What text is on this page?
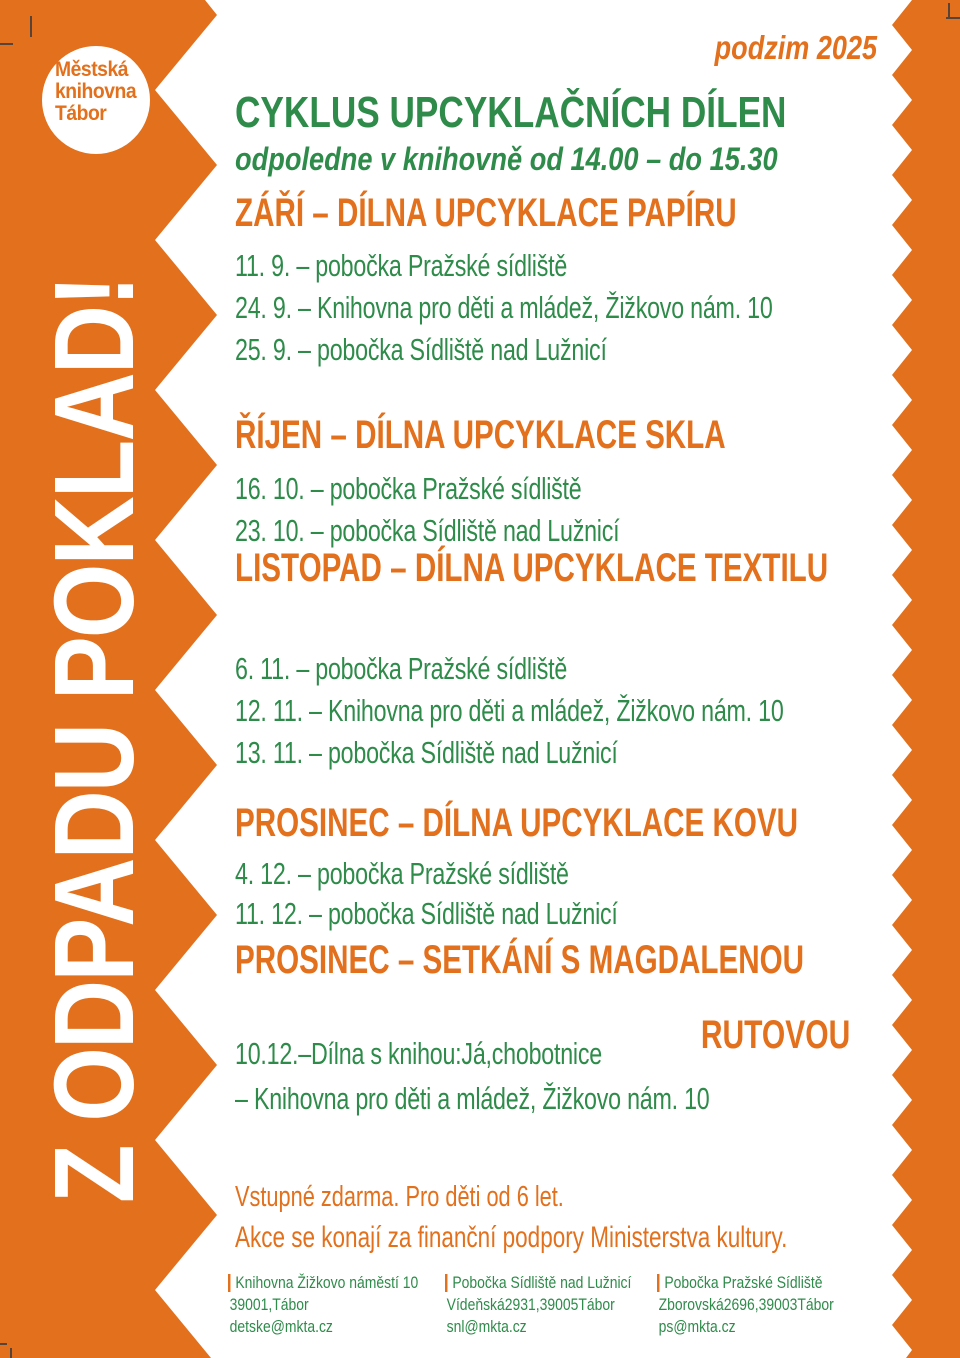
Městská
knihovna
Tábor
Z ODPADU POKLAD!
podzim 2025
CYKLUS UPCYKLAČNÍCH DÍLEN
odpoledne v knihovně od 14.00 – do 15.30
ZÁŘÍ – DÍLNA UPCYKLACE PAPÍRU
11. 9. – pobočka Pražské sídliště
24. 9. – Knihovna pro děti a mládež, Žižkovo nám. 10
25. 9. – pobočka Sídliště nad Lužnicí
ŘÍJEN – DÍLNA UPCYKLACE SKLA
16. 10. – pobočka Pražské sídliště
23. 10. – pobočka Sídliště nad Lužnicí
LISTOPAD – DÍLNA UPCYKLACE TEXTILU
6. 11. – pobočka Pražské sídliště
12. 11. – Knihovna pro děti a mládež, Žižkovo nám. 10
13. 11. – pobočka Sídliště nad Lužnicí
PROSINEC – DÍLNA UPCYKLACE KOVU
4. 12. – pobočka Pražské sídliště
11. 12. – pobočka Sídliště nad Lužnicí
PROSINEC – SETKÁNÍ S MAGDALENOU
RUTOVOU
10.12.–Dílna s knihou:Já,chobotnice
– Knihovna pro děti a mládež, Žižkovo nám. 10
Vstupné zdarma. Pro děti od 6 let.
Akce se konají za finanční podpory Ministerstva kultury.
Knihovna Žižkovo náměstí 10
39001,Tábor
detske@mkta.cz
Pobočka Sídliště nad Lužnicí
Vídeňská2931,39005Tábor
snl@mkta.cz
Pobočka Pražské Sídliště
Zborovská2696,39003Tábor
ps@mkta.cz
